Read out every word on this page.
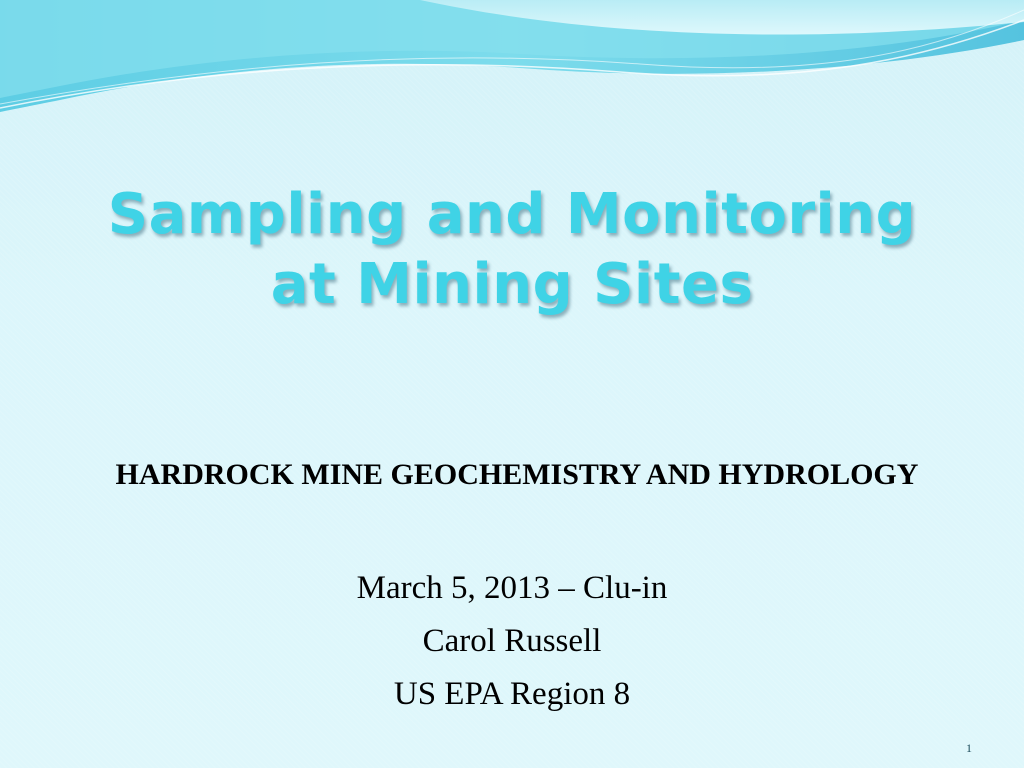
Sampling and Monitoring
at Mining Sites
HARDROCK MINE GEOCHEMISTRY AND HYDROLOGY
March 5, 2013 – Clu-in
Carol Russell
US EPA Region 8
1
